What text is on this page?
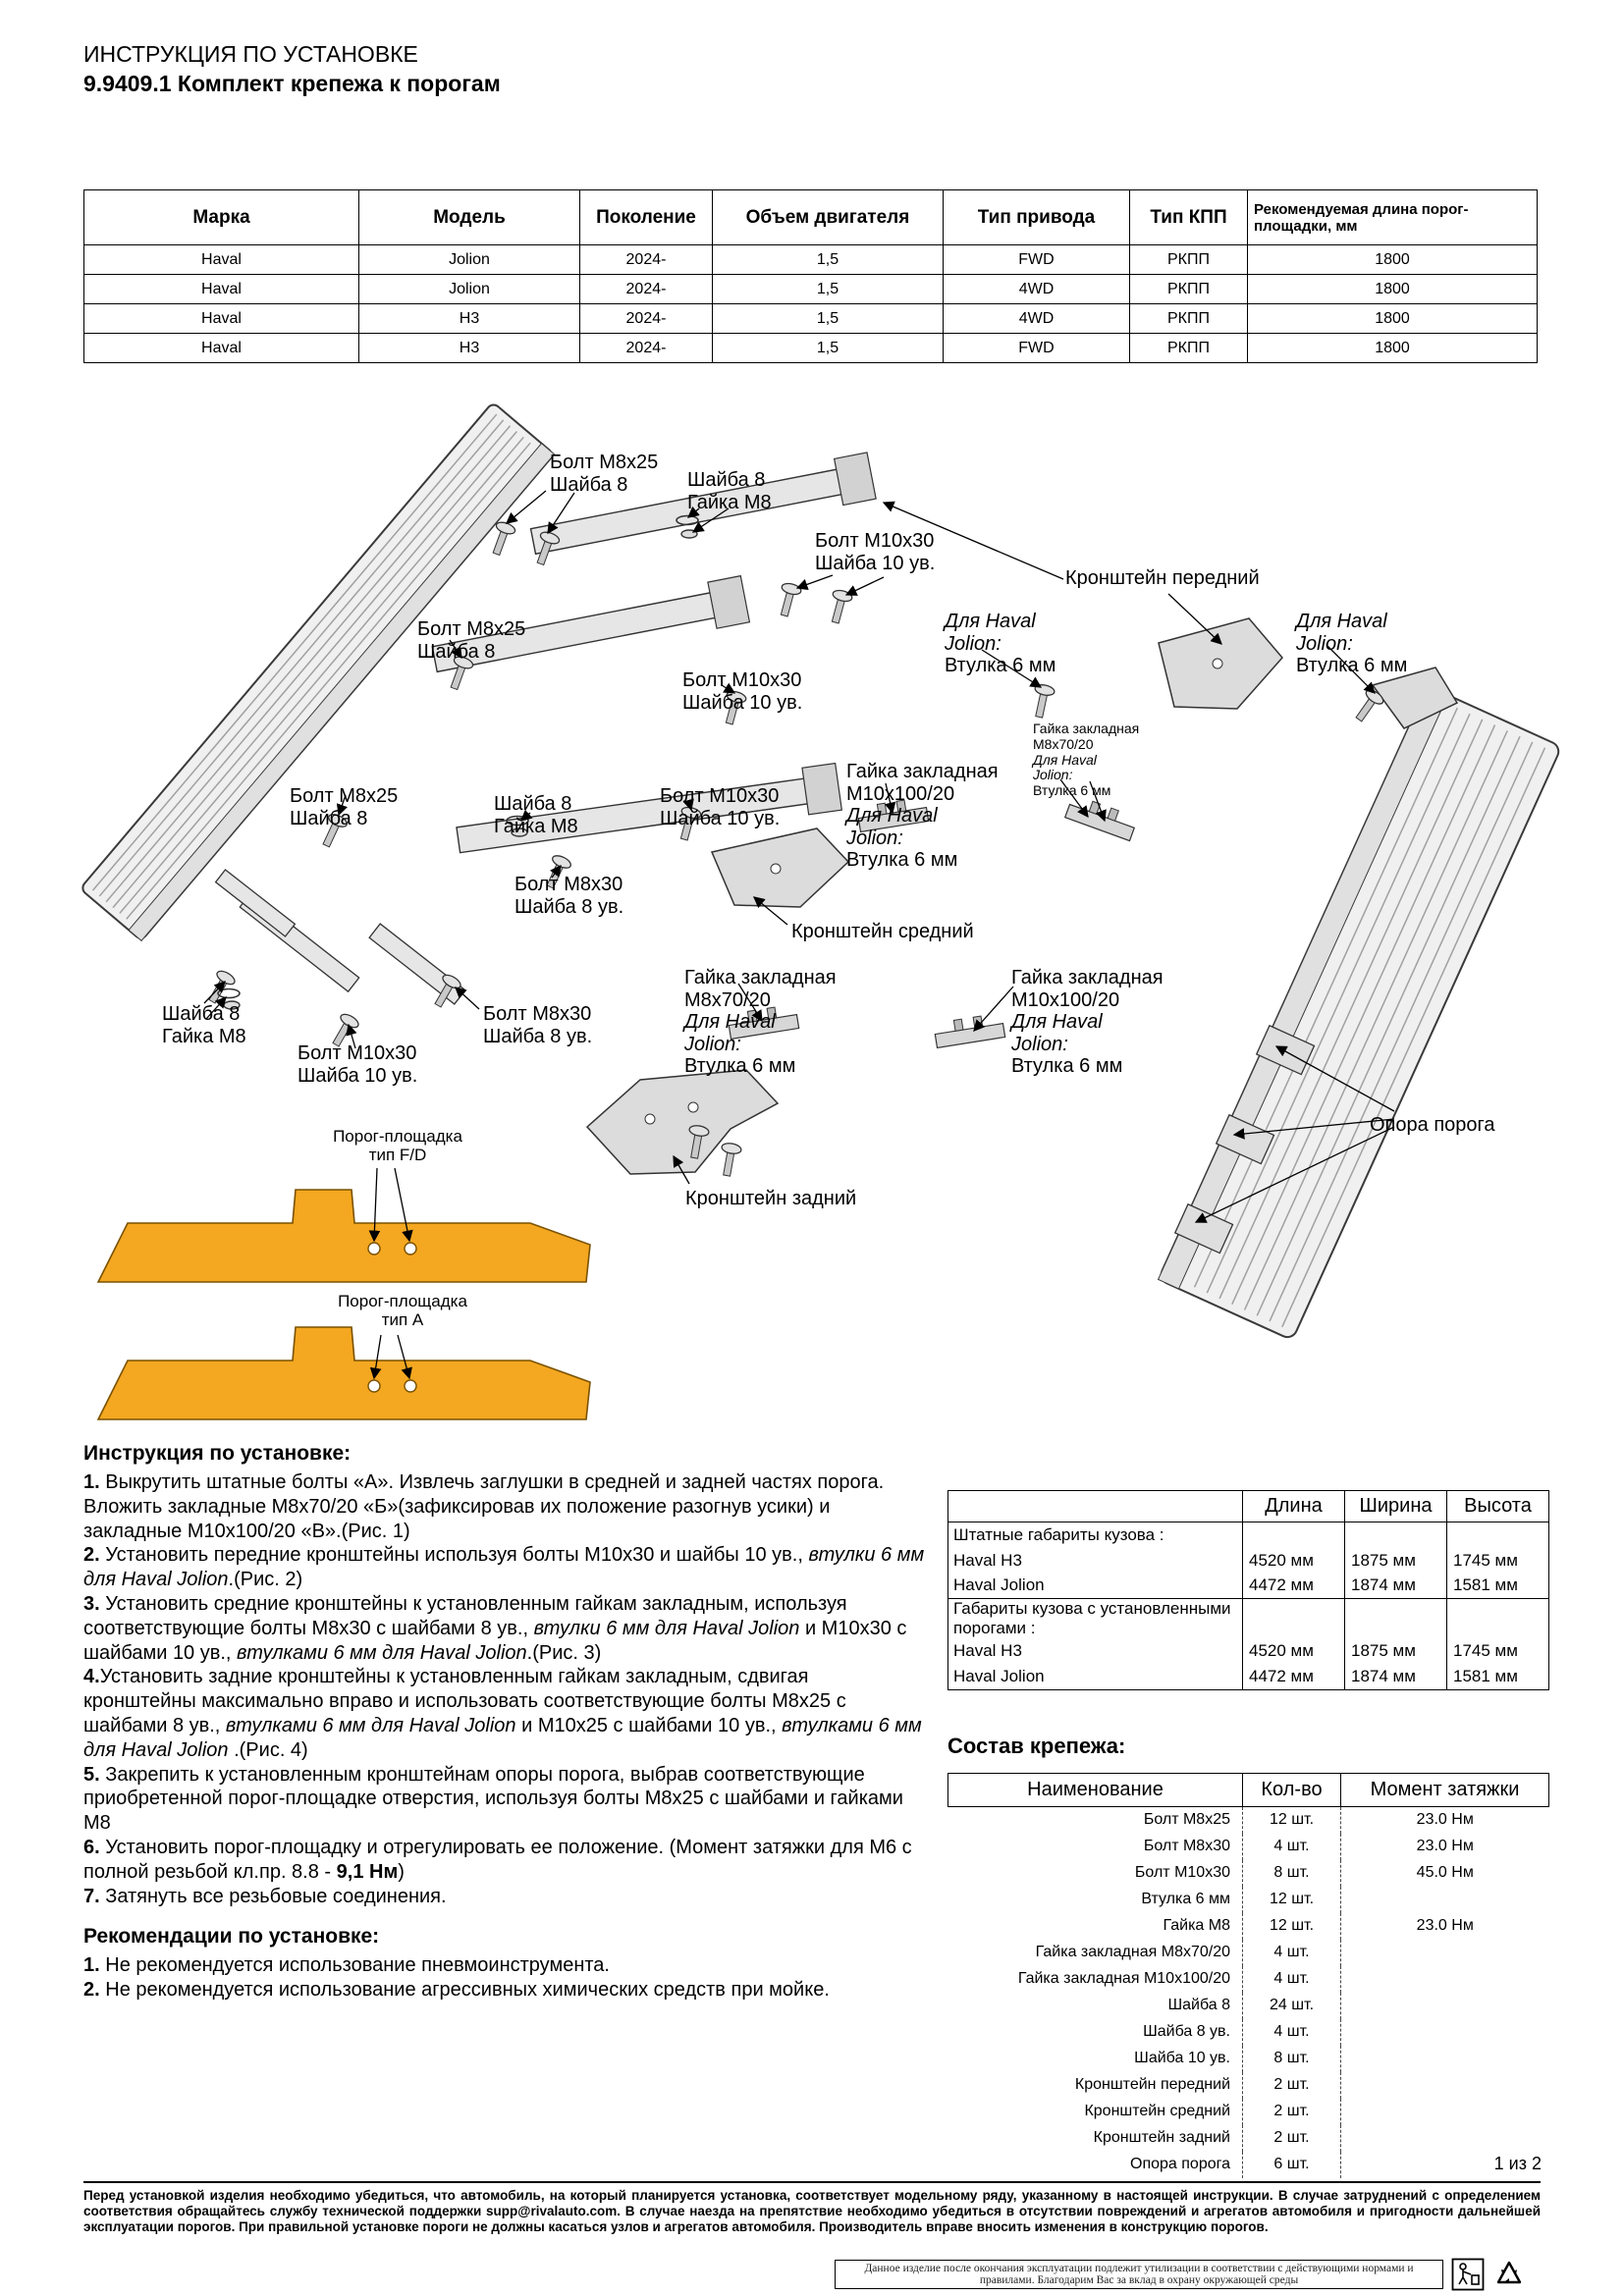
ИНСТРУКЦИЯ ПО УСТАНОВКЕ
9.9409.1 Комплект крепежа к порогам
Марка	Модель	Поколение	Объем двигателя	Тип привода	Тип КПП	Рекомендуемая длина порог-площадки, мм
Haval	Jolion	2024-	1,5	FWD	РКПП	1800
Haval	Jolion	2024-	1,5	4WD	РКПП	1800
Haval	H3	2024-	1,5	4WD	РКПП	1800
Haval	H3	2024-	1,5	FWD	РКПП	1800
Болт М8х25
Шайба 8	Шайба 8
Гайка М8
Болт М10х30
Шайба 10 ув.
Кронштейн передний
Для Haval
Jolion:
Втулка 6 мм
Для Haval
Jolion:
Втулка 6 мм
Болт М8х25
Шайба 8
Болт М10х30
Шайба 10 ув.
Гайка закладная
М8х70/20
Для Haval
Jolion:
Втулка 6 мм
Болт М8х25
Шайба 8
Шайба 8
Гайка М8
Болт М10х30
Шайба 10 ув.
Гайка закладная
М10х100/20
Для Haval
Jolion:
Втулка 6 мм
Болт М8х30
Шайба 8 ув.
Кронштейн средний
Гайка закладная
М8х70/20
Для Haval
Jolion:
Втулка 6 мм
Гайка закладная
М10х100/20
Для Haval
Jolion:
Втулка 6 мм
Шайба 8
Гайка М8
Болт М8х30
Шайба 8 ув.
Болт М10х30
Шайба 10 ув.
Опора порога
Кронштейн задний
Порог-площадка
тип F/D
Порог-площадка
тип A
Инструкция по установке:
1. Выкрутить штатные болты «А». Извлечь заглушки в средней и задней частях порога. Вложить закладные М8х70/20 «Б»(зафиксировав их положение разогнув усики) и закладные М10х100/20 «В».(Рис. 1)
2. Установить передние кронштейны используя болты М10х30 и шайбы 10 ув., втулки 6 мм для Haval Jolion.(Рис. 2)
3. Установить средние кронштейны к установленным гайкам закладным, используя соответствующие болты М8х30 с шайбами 8 ув., втулки 6 мм для Haval Jolion и М10х30 с шайбами 10 ув., втулками 6 мм для Haval Jolion.(Рис. 3)
4.Установить задние кронштейны к установленным гайкам закладным, сдвигая кронштейны максимально вправо и использовать соответствующие болты М8х25 с шайбами 8 ув., втулками 6 мм для Haval Jolion и М10х25 с шайбами 10 ув., втулками 6 мм для Haval Jolion .(Рис. 4)
5. Закрепить к установленным кронштейнам опоры порога, выбрав соответствующие приобретенной порог-площадке отверстия, используя болты М8х25 с шайбами и гайками М8
6. Установить порог-площадку и отрегулировать ее положение. (Момент затяжки для М6 с полной резьбой кл.пр. 8.8 - 9,1 Нм)
7. Затянуть все резьбовые соединения.
Рекомендации по установке:
1. Не рекомендуется использование пневмоинструмента.
2. Не рекомендуется использование агрессивных химических средств при мойке.
	Длина	Ширина	Высота
Штатные габариты кузова :			
Haval H3	4520 мм	1875 мм	1745 мм
Haval Jolion	4472 мм	1874 мм	1581 мм
Габариты кузова с установленными порогами :			
Haval H3	4520 мм	1875 мм	1745 мм
Haval Jolion	4472 мм	1874 мм	1581 мм
Состав крепежа:
Наименование	Кол-во	Момент затяжки
Болт М8х25	12 шт.	23.0 Нм
Болт М8х30	4 шт.	23.0 Нм
Болт М10х30	8 шт.	45.0 Нм
Втулка 6 мм	12 шт.	
Гайка М8	12 шт.	23.0 Нм
Гайка закладная М8х70/20	4 шт.	
Гайка закладная М10х100/20	4 шт.	
Шайба 8	24 шт.	
Шайба 8 ув.	4 шт.	
Шайба 10 ув.	8 шт.	
Кронштейн передний	2 шт.	
Кронштейн средний	2 шт.	
Кронштейн задний	2 шт.	
Опора порога	6 шт.		1 из 2
Перед установкой изделия необходимо убедиться, что автомобиль, на который планируется установка, соответствует модельному ряду, указанному в настоящей инструкции. В случае затруднений с определением соответствия обращайтесь службу технической поддержки supp@rivalauto.com. В случае наезда на препятствие необходимо убедиться в отсутствии повреждений и агрегатов автомобиля и пригодности дальнейшей эксплуатации порогов. При правильной установке пороги не должны касаться узлов и агрегатов автомобиля. Производитель вправе вносить изменения в конструкцию порогов.
Данное изделие после окончания эксплуатации подлежит утилизации в соответствии с действующими нормами и правилами. Благодарим Вас за вклад в охрану окружающей среды
